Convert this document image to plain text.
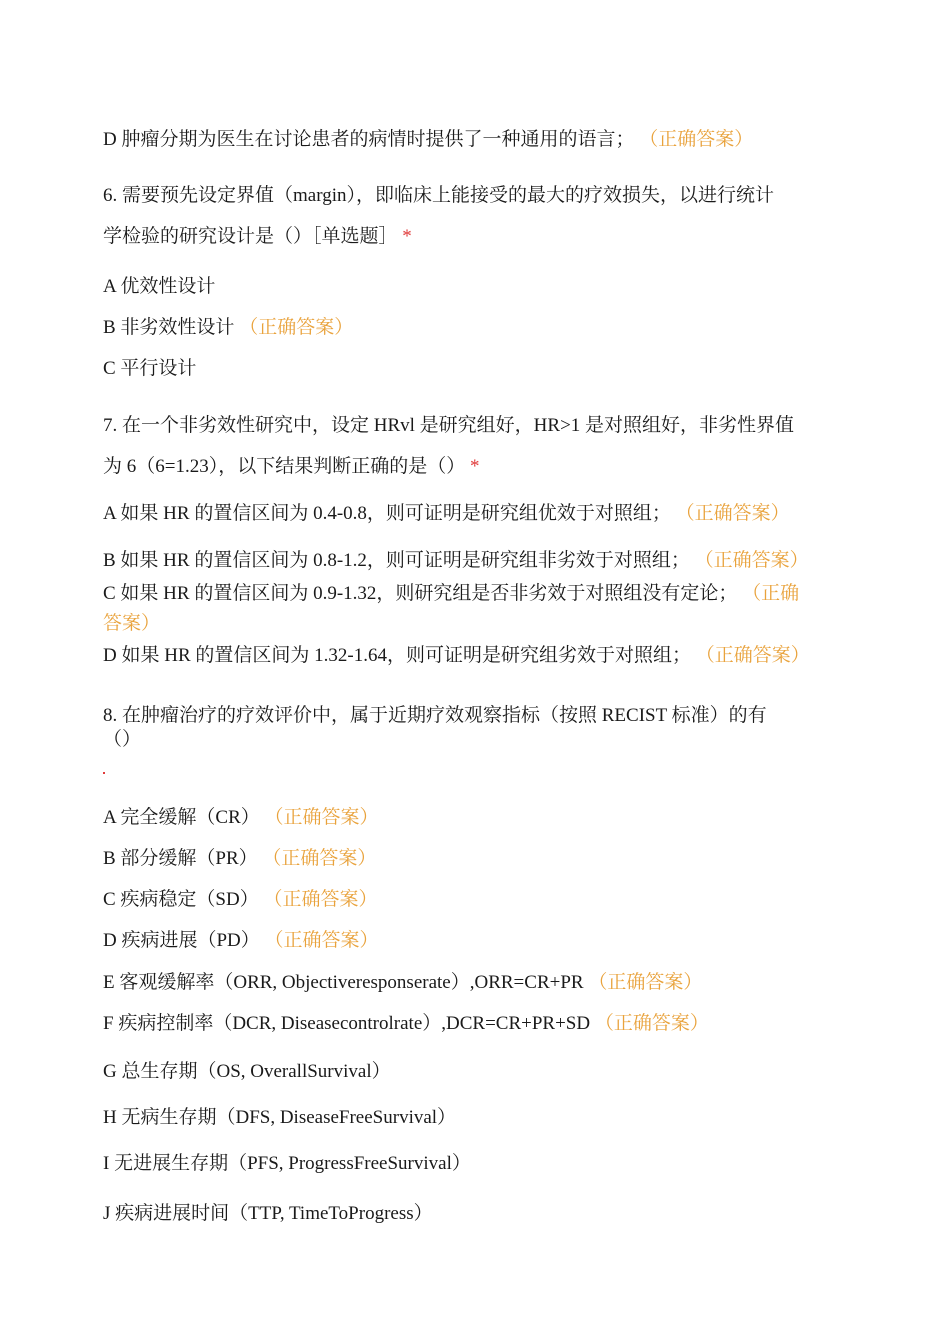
D 肿瘤分期为医生在讨论患者的病情时提供了一种通用的语言； （正确答案）
6. 需要预先设定界值（margin），即临床上能接受的最大的疗效损失，以进行统计
学检验的研究设计是（）［单选题］ *
A 优效性设计
B 非劣效性设计 （正确答案）
C 平行设计
7. 在一个非劣效性研究中，设定 HRvl 是研究组好，HR>1 是对照组好，非劣性界值
为 6（6=1.23），以下结果判断正确的是（） *
A 如果 HR 的置信区间为 0.4-0.8，则可证明是研究组优效于对照组； （正确答案）
B 如果 HR 的置信区间为 0.8-1.2，则可证明是研究组非劣效于对照组； （正确答案）
C 如果 HR 的置信区间为 0.9-1.32，则研究组是否非劣效于对照组没有定论； （正确
答案）
D 如果 HR 的置信区间为 1.32-1.64，则可证明是研究组劣效于对照组； （正确答案）
8. 在肿瘤治疗的疗效评价中，属于近期疗效观察指标（按照 RECIST 标准）的有
（）
A 完全缓解（CR） （正确答案）
B 部分缓解（PR） （正确答案）
C 疾病稳定（SD） （正确答案）
D 疾病进展（PD） （正确答案）
E 客观缓解率（ORR, Objectiveresponserate）,ORR=CR+PR （正确答案）
F 疾病控制率（DCR, Diseasecontrolrate）,DCR=CR+PR+SD （正确答案）
G 总生存期（OS, OverallSurvival）
H 无病生存期（DFS, DiseaseFreeSurvival）
I 无进展生存期（PFS, ProgressFreeSurvival）
J 疾病进展时间（TTP, TimeToProgress）
